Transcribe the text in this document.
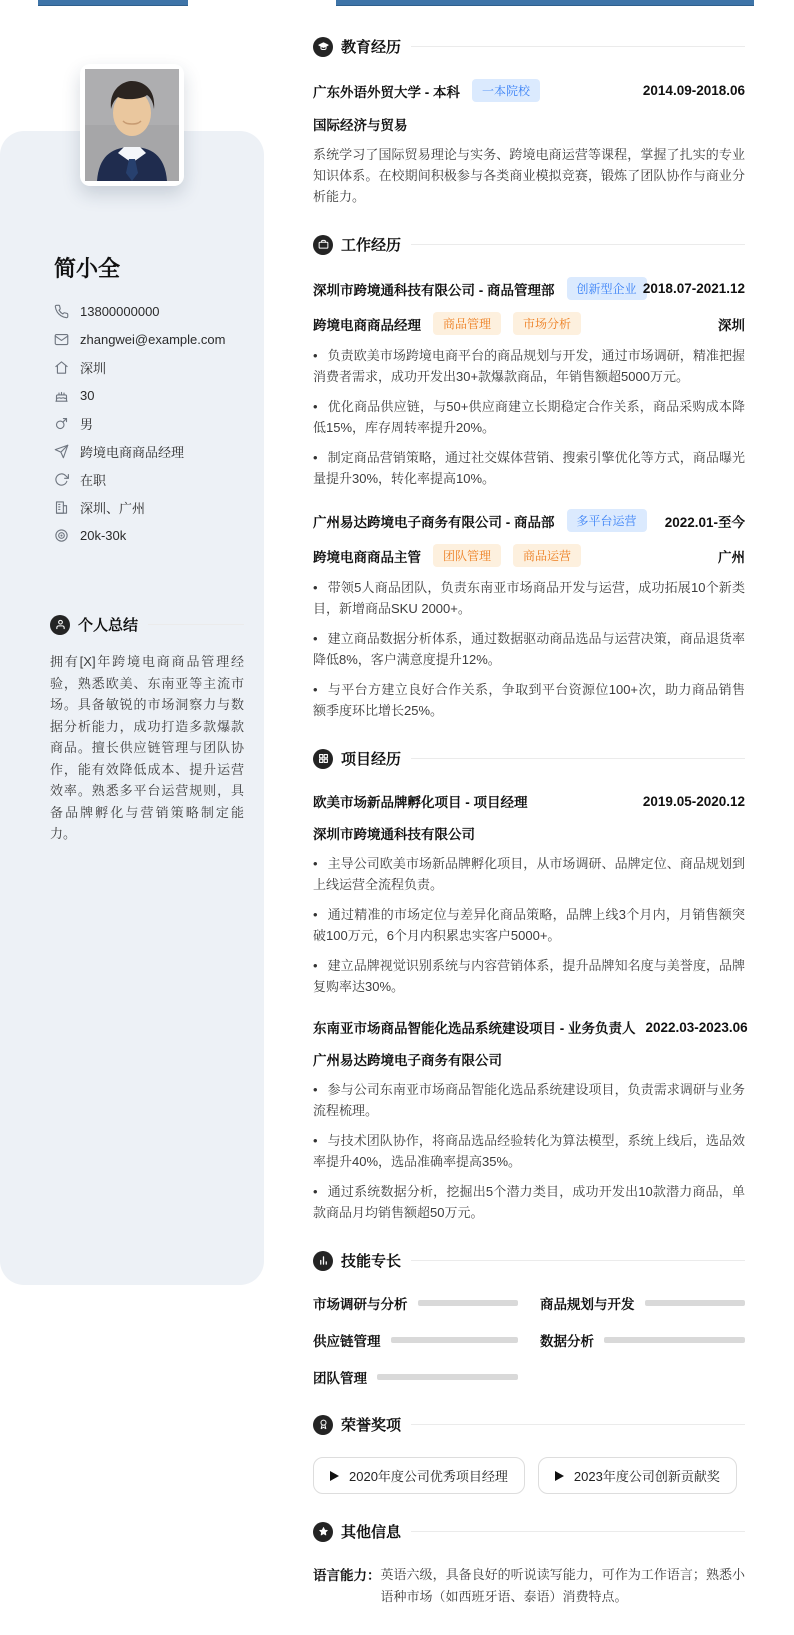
简小全
13800000000
zhangwei@example.com
深圳
30
男
跨境电商商品经理
在职
深圳、广州
20k-30k
个人总结
拥有[X]年跨境电商商品管理经验，熟悉欧美、东南亚等主流市场。具备敏锐的市场洞察力与数据分析能力，成功打造多款爆款商品。擅长供应链管理与团队协作，能有效降低成本、提升运营效率。熟悉多平台运营规则，具备品牌孵化与营销策略制定能力。
教育经历
广东外语外贸大学 - 本科	一本院校	2014.09-2018.06
国际经济与贸易
系统学习了国际贸易理论与实务、跨境电商运营等课程，掌握了扎实的专业知识体系。在校期间积极参与各类商业模拟竞赛，锻炼了团队协作与商业分析能力。
工作经历
深圳市跨境通科技有限公司 - 商品管理部	创新型企业 2018.07-2021.12
跨境电商商品经理	商品管理	市场分析	深圳
• 负责欧美市场跨境电商平台的商品规划与开发，通过市场调研，精准把握消费者需求，成功开发出30+款爆款商品，年销售额超5000万元。
• 优化商品供应链，与50+供应商建立长期稳定合作关系，商品采购成本降低15%，库存周转率提升20%。
• 制定商品营销策略，通过社交媒体营销、搜索引擎优化等方式，商品曝光量提升30%，转化率提高10%。
广州易达跨境电子商务有限公司 - 商品部	多平台运营	2022.01-至今
跨境电商商品主管	团队管理	商品运营	广州
• 带领5人商品团队，负责东南亚市场商品开发与运营，成功拓展10个新类目，新增商品SKU 2000+。
• 建立商品数据分析体系，通过数据驱动商品选品与运营决策，商品退货率降低8%，客户满意度提升12%。
• 与平台方建立良好合作关系，争取到平台资源位100+次，助力商品销售额季度环比增长25%。
项目经历
欧美市场新品牌孵化项目 - 项目经理	2019.05-2020.12
深圳市跨境通科技有限公司
• 主导公司欧美市场新品牌孵化项目，从市场调研、品牌定位、商品规划到上线运营全流程负责。
• 通过精准的市场定位与差异化商品策略，品牌上线3个月内，月销售额突破100万元，6个月内积累忠实客户5000+。
• 建立品牌视觉识别系统与内容营销体系，提升品牌知名度与美誉度，品牌复购率达30%。
东南亚市场商品智能化选品系统建设项目 - 业务负责人 2022.03-2023.06
广州易达跨境电子商务有限公司
• 参与公司东南亚市场商品智能化选品系统建设项目，负责需求调研与业务流程梳理。
• 与技术团队协作，将商品选品经验转化为算法模型，系统上线后，选品效率提升40%，选品准确率提高35%。
• 通过系统数据分析，挖掘出5个潜力类目，成功开发出10款潜力商品，单款商品月均销售额超50万元。
技能专长
市场调研与分析	商品规划与开发
供应链管理	数据分析
团队管理
荣誉奖项
2020年度公司优秀项目经理	2023年度公司创新贡献奖
其他信息
语言能力： 英语六级，具备良好的听说读写能力，可作为工作语言；熟悉小语种市场（如西班牙语、泰语）消费特点。
